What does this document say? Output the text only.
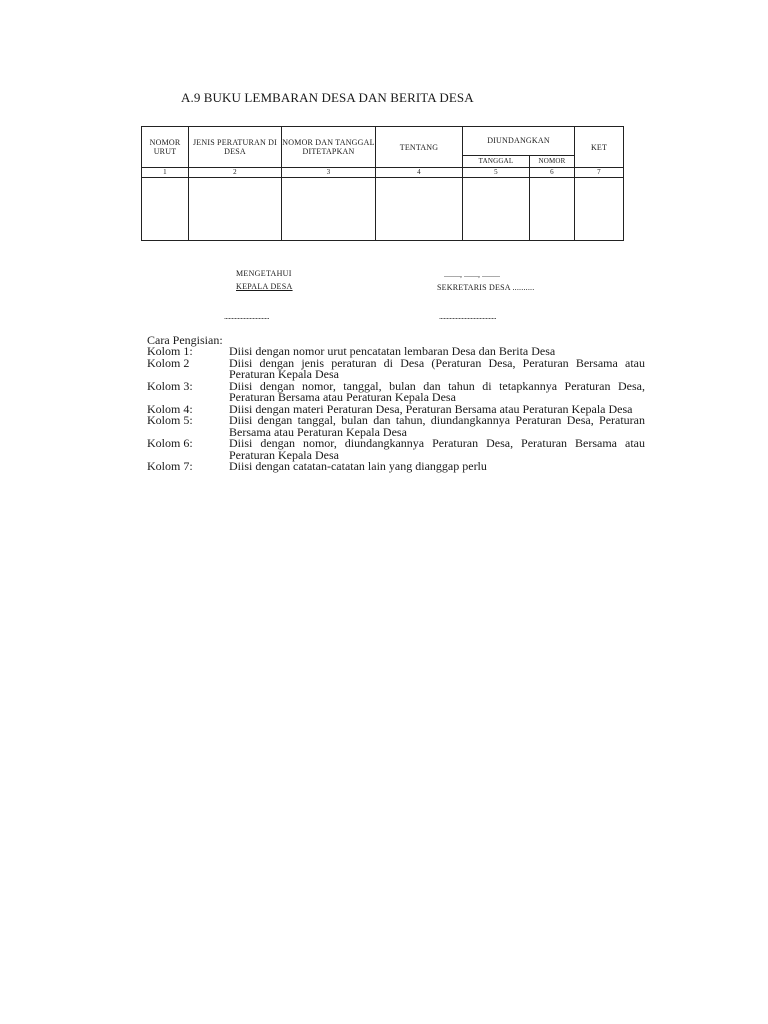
A.9 BUKU LEMBARAN DESA DAN BERITA DESA
NOMOR URUT	JENIS PERATURAN DI DESA	NOMOR DAN TANGGAL DITETAPKAN	TENTANG	DIUNDANGKAN		KET
				TANGGAL	NOMOR	
1	2	3	4	5	6	7

MENGETAHUI
KEPALA DESA
........, ......., .........
SEKRETARIS DESA ..........
..............................	......................................
Cara Pengisian:
Kolom 1:	Diisi dengan nomor urut pencatatan lembaran Desa dan Berita Desa
Kolom 2	Diisi dengan jenis peraturan di Desa (Peraturan Desa, Peraturan Bersama atau Peraturan Kepala Desa
Kolom 3:	Diisi dengan nomor, tanggal, bulan dan tahun di tetapkannya Peraturan Desa, Peraturan Bersama atau Peraturan Kepala Desa
Kolom 4:	Diisi dengan materi Peraturan Desa, Peraturan Bersama atau Peraturan Kepala Desa
Kolom 5:	Diisi dengan tanggal, bulan dan tahun, diundangkannya Peraturan Desa, Peraturan Bersama atau Peraturan Kepala Desa
Kolom 6:	Diisi dengan nomor, diundangkannya Peraturan Desa, Peraturan Bersama atau Peraturan Kepala Desa
Kolom 7:	Diisi dengan catatan-catatan lain yang dianggap perlu
